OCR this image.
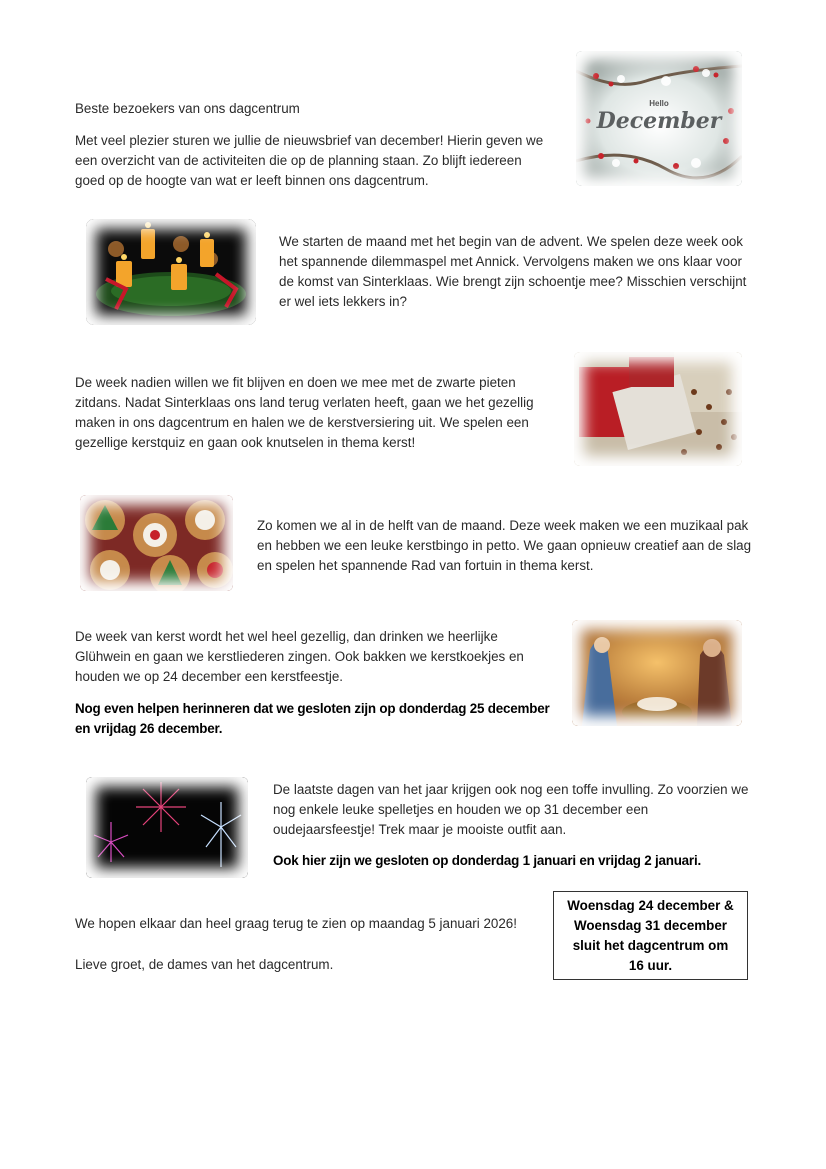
Beste bezoekers van ons dagcentrum

Met veel plezier sturen we jullie de nieuwsbrief van december! Hierin geven we een overzicht van de activiteiten die op de planning staan. Zo blijft iedereen goed op de hoogte van wat er leeft binnen ons dagcentrum.

Hello
December

We starten de maand met het begin van de advent. We spelen deze week ook het spannende dilemmaspel met Annick. Vervolgens maken we ons klaar voor de komst van Sinterklaas. Wie brengt zijn schoentje mee? Misschien verschijnt er wel iets lekkers in?

De week nadien willen we fit blijven en doen we mee met de zwarte pieten zitdans. Nadat Sinterklaas ons land terug verlaten heeft, gaan we het gezellig maken in ons dagcentrum en halen we de kerstversiering uit. We spelen een gezellige kerstquiz en gaan ook knutselen in thema kerst!

Zo komen we al in de helft van de maand. Deze week maken we een muzikaal pak en hebben we een leuke kerstbingo in petto. We gaan opnieuw creatief aan de slag en spelen het spannende Rad van fortuin in thema kerst.

De week van kerst wordt het wel heel gezellig, dan drinken we heerlijke Glühwein en gaan we kerstliederen zingen. Ook bakken we kerstkoekjes en houden we op 24 december een kerstfeestje.

Nog even helpen herinneren dat we gesloten zijn op donderdag 25 december en vrijdag 26 december.

De laatste dagen van het jaar krijgen ook nog een toffe invulling. Zo voorzien we nog enkele leuke spelletjes en houden we op 31 december een oudejaarsfeestje! Trek maar je mooiste outfit aan.

Ook hier zijn we gesloten op donderdag 1 januari en vrijdag 2 januari.

We hopen elkaar dan heel graag terug te zien op maandag 5 januari 2026!

Lieve groet, de dames van het dagcentrum.

Woensdag 24 december &

Woensdag 31 december

sluit het dagcentrum om

16 uur.
